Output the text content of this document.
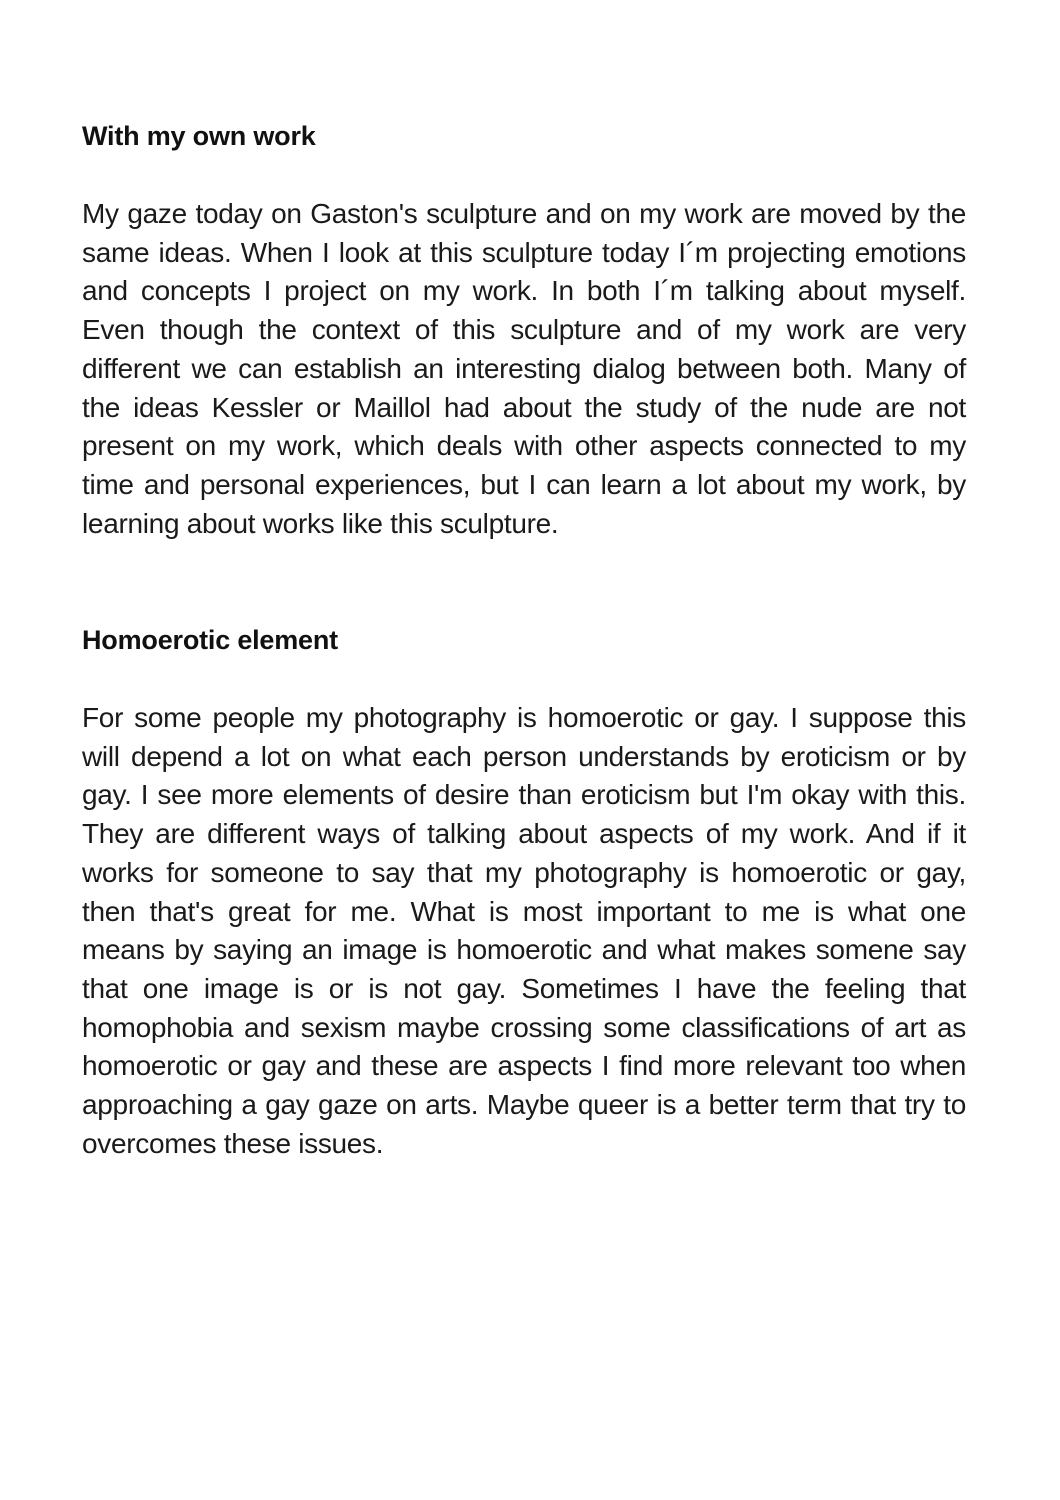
With my own work

My gaze today on Gaston's sculpture and on my work are moved by the same ideas. When I look at this sculpture today I´m projecting emotions and concepts I project on my work. In both I´m talking about myself. Even though the context of this sculpture and of my work are very different we can establish an interesting dialog between both. Many of the ideas Kessler or Maillol had about the study of the nude are not present on my work, which deals with other aspects connected to my time and personal experiences, but I can learn a lot about my work, by learning about works like this sculpture.

Homoerotic element

For some people my photography is homoerotic or gay. I suppose this will depend a lot on what each person understands by eroticism or by gay. I see more elements of desire than eroticism but I'm okay with this. They are different ways of talking about aspects of my work. And if it works for someone to say that my photography is homoerotic or gay, then that's great for me. What is most important to me is what one means by saying an image is homoerotic and what makes somene say that one image is or is not gay. Sometimes I have the feeling that homophobia and sexism maybe crossing some classifications of art as homoerotic or gay and these are aspects I find more relevant too when approaching a gay gaze on arts. Maybe queer is a better term that try to overcomes these issues.
